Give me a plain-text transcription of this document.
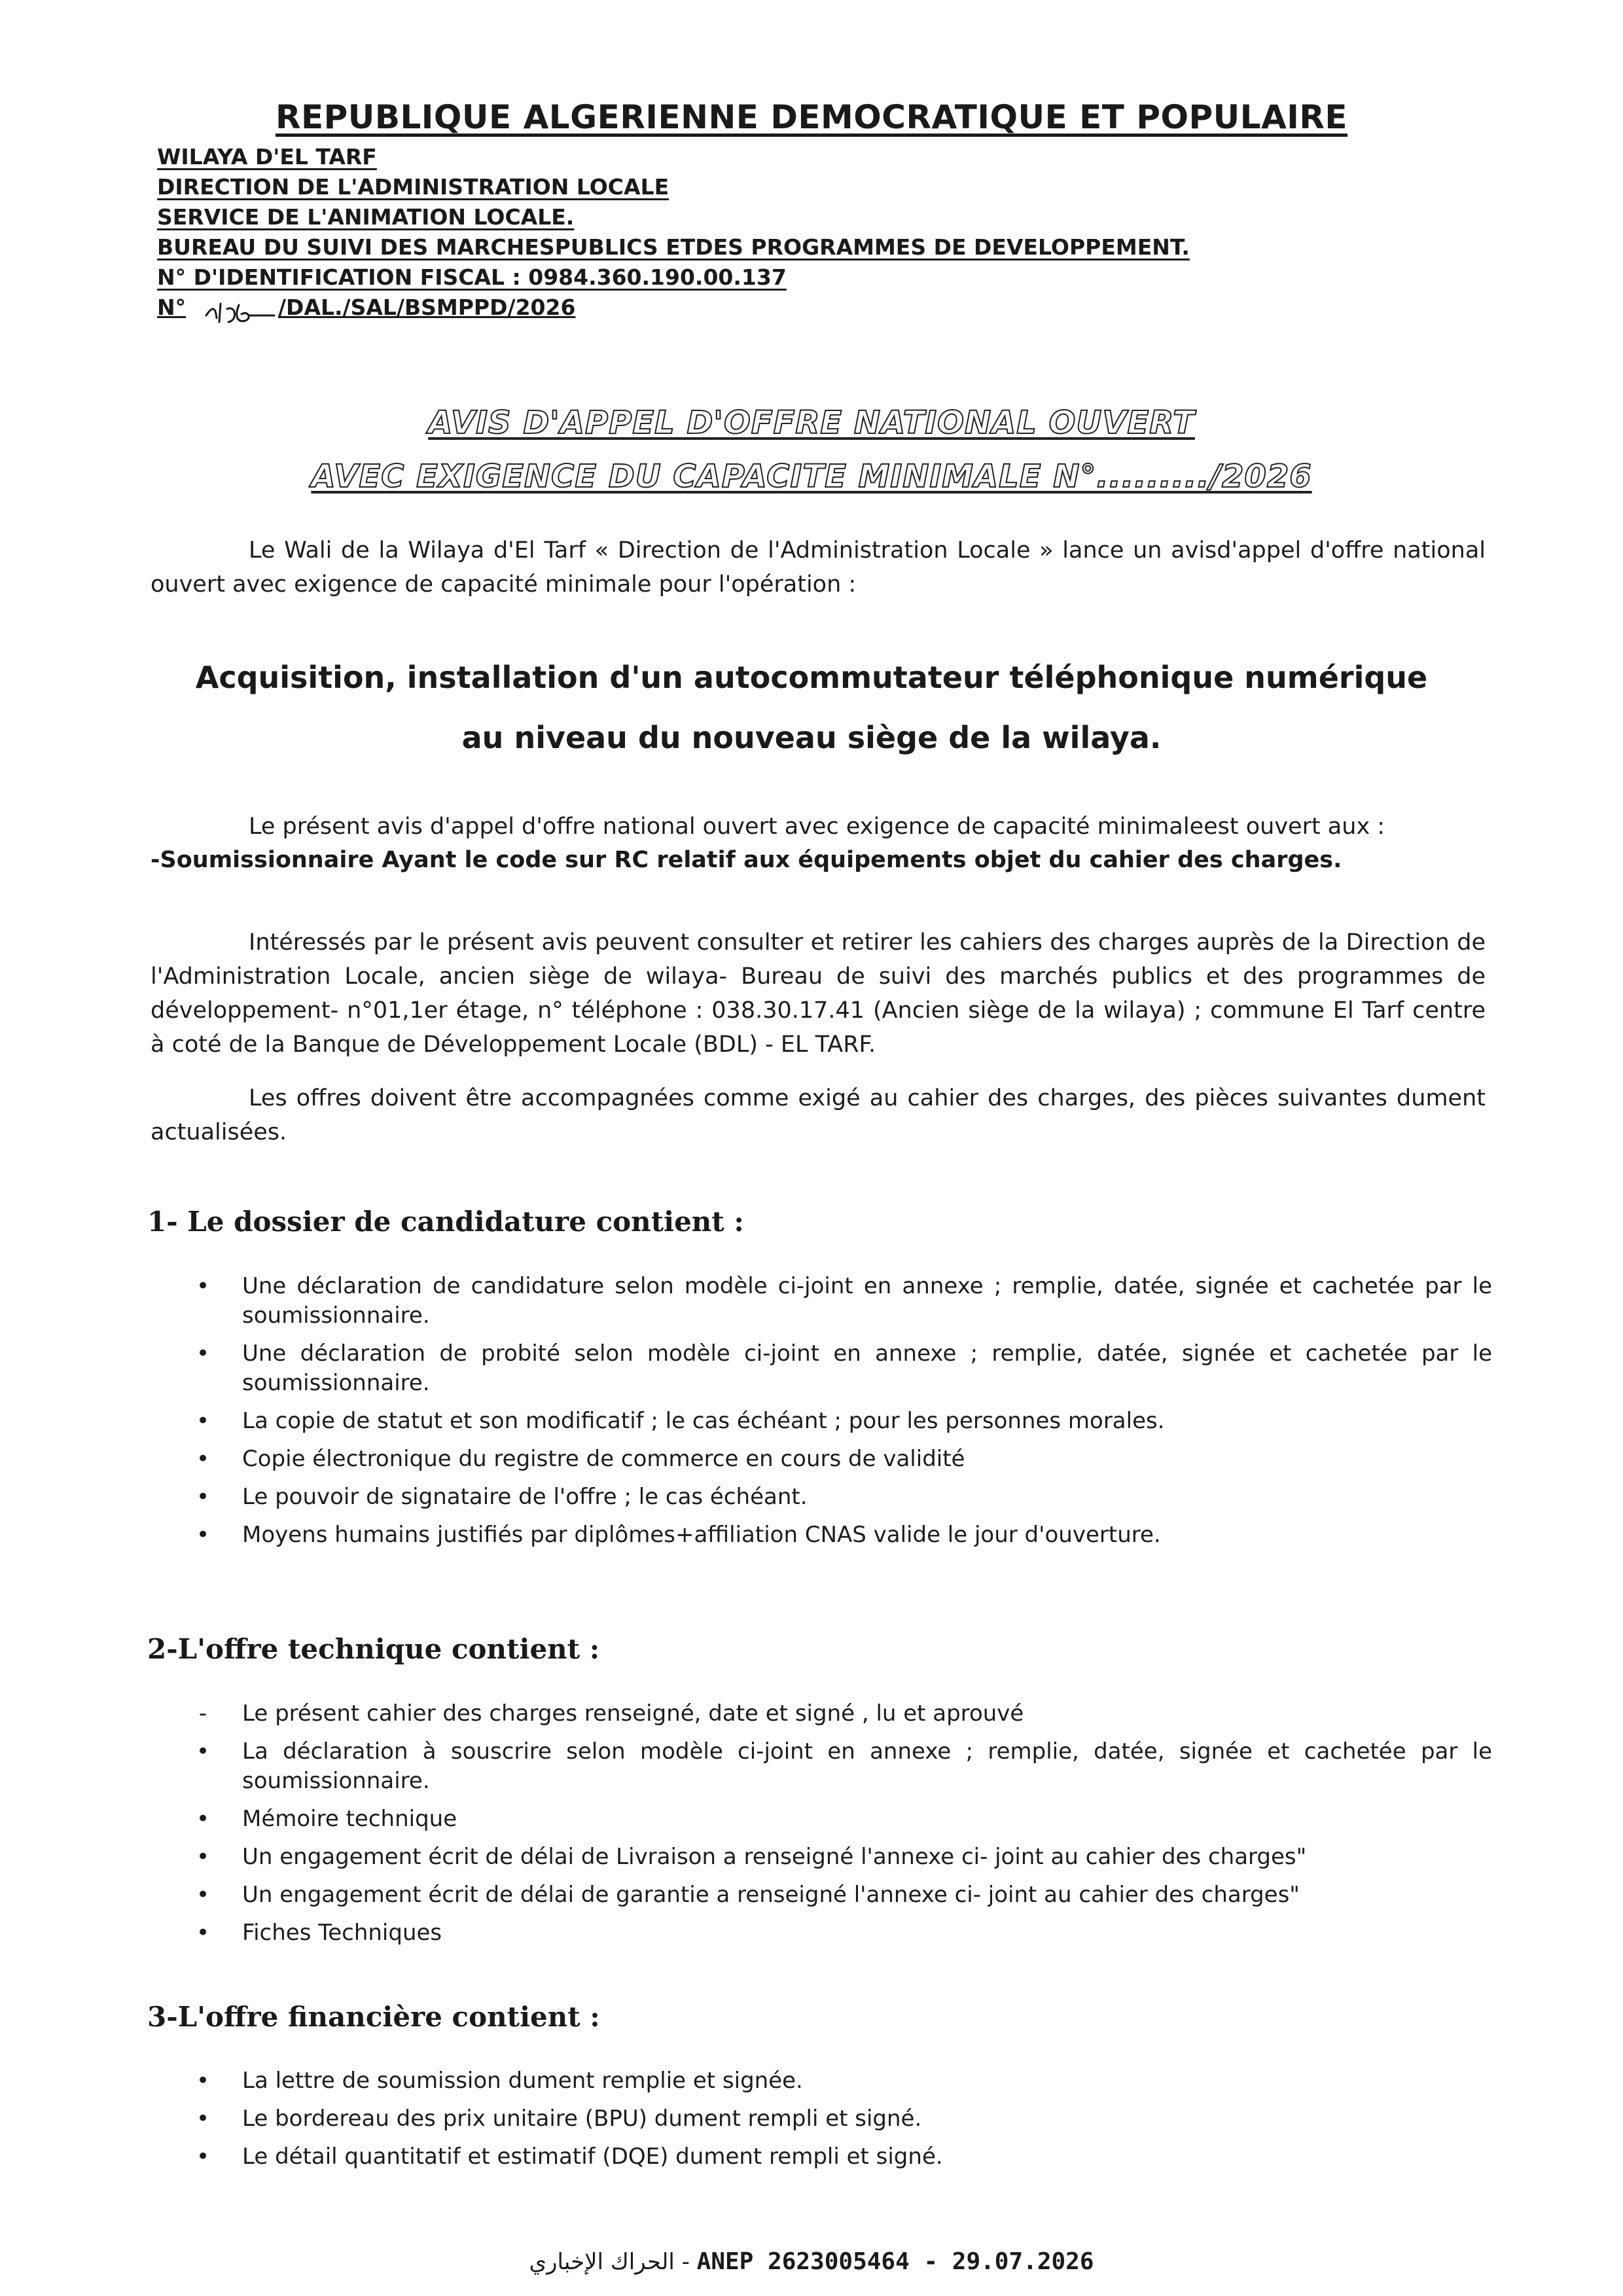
REPUBLIQUE ALGERIENNE DEMOCRATIQUE ET POPULAIRE
WILAYA D'EL TARF
DIRECTION DE L'ADMINISTRATION LOCALE
SERVICE DE L'ANIMATION LOCALE.
BUREAU DU SUIVI DES MARCHESPUBLICS ETDES PROGRAMMES DE DEVELOPPEMENT.
N° D'IDENTIFICATION FISCAL : 0984.360.190.00.137
N°	/DAL./SAL/BSMPPD/2026
AVIS D'APPEL D'OFFRE NATIONAL OUVERT
AVEC EXIGENCE DU CAPACITE MINIMALE N°........./2026
Le Wali de la Wilaya d'El Tarf « Direction de l'Administration Locale » lance un avisd'appel d'offre national ouvert avec exigence de capacité minimale pour l'opération :
Acquisition, installation d'un autocommutateur téléphonique numérique
au niveau du nouveau siège de la wilaya.
Le présent avis d'appel d'offre national ouvert avec exigence de capacité minimaleest ouvert aux :
-Soumissionnaire Ayant le code sur RC relatif aux équipements objet du cahier des charges.
Intéressés par le présent avis peuvent consulter et retirer les cahiers des charges auprès de la Direction de l'Administration Locale, ancien siège de wilaya- Bureau de suivi des marchés publics et des programmes de développement- n°01,1er étage, n° téléphone : 038.30.17.41 (Ancien siège de la wilaya) ; commune El Tarf centre à coté de la Banque de Développement Locale (BDL) - EL TARF.
Les offres doivent être accompagnées comme exigé au cahier des charges, des pièces suivantes dument actualisées.
1- Le dossier de candidature contient :
• Une déclaration de candidature selon modèle ci-joint en annexe ; remplie, datée, signée et cachetée par le soumissionnaire.
• Une déclaration de probité selon modèle ci-joint en annexe ; remplie, datée, signée et cachetée par le soumissionnaire.
• La copie de statut et son modificatif ; le cas échéant ; pour les personnes morales.
• Copie électronique du registre de commerce en cours de validité
• Le pouvoir de signataire de l'offre ; le cas échéant.
• Moyens humains justifiés par diplômes+affiliation CNAS valide le jour d'ouverture.
2-L'offre technique contient :
-	Le présent cahier des charges renseigné, date et signé , lu et aprouvé
• La déclaration à souscrire selon modèle ci-joint en annexe ; remplie, datée, signée et cachetée par le soumissionnaire.
• Mémoire technique
• Un engagement écrit de délai de Livraison a renseigné l'annexe ci- joint au cahier des charges"
• Un engagement écrit de délai de garantie a renseigné l'annexe ci- joint au cahier des charges"
• Fiches Techniques
3-L'offre financière contient :
• La lettre de soumission dument remplie et signée.
• Le bordereau des prix unitaire (BPU) dument rempli et signé.
• Le détail quantitatif et estimatif (DQE) dument rempli et signé.
الحراك الإخباري - ANEP 2623005464 - 29.07.2026
